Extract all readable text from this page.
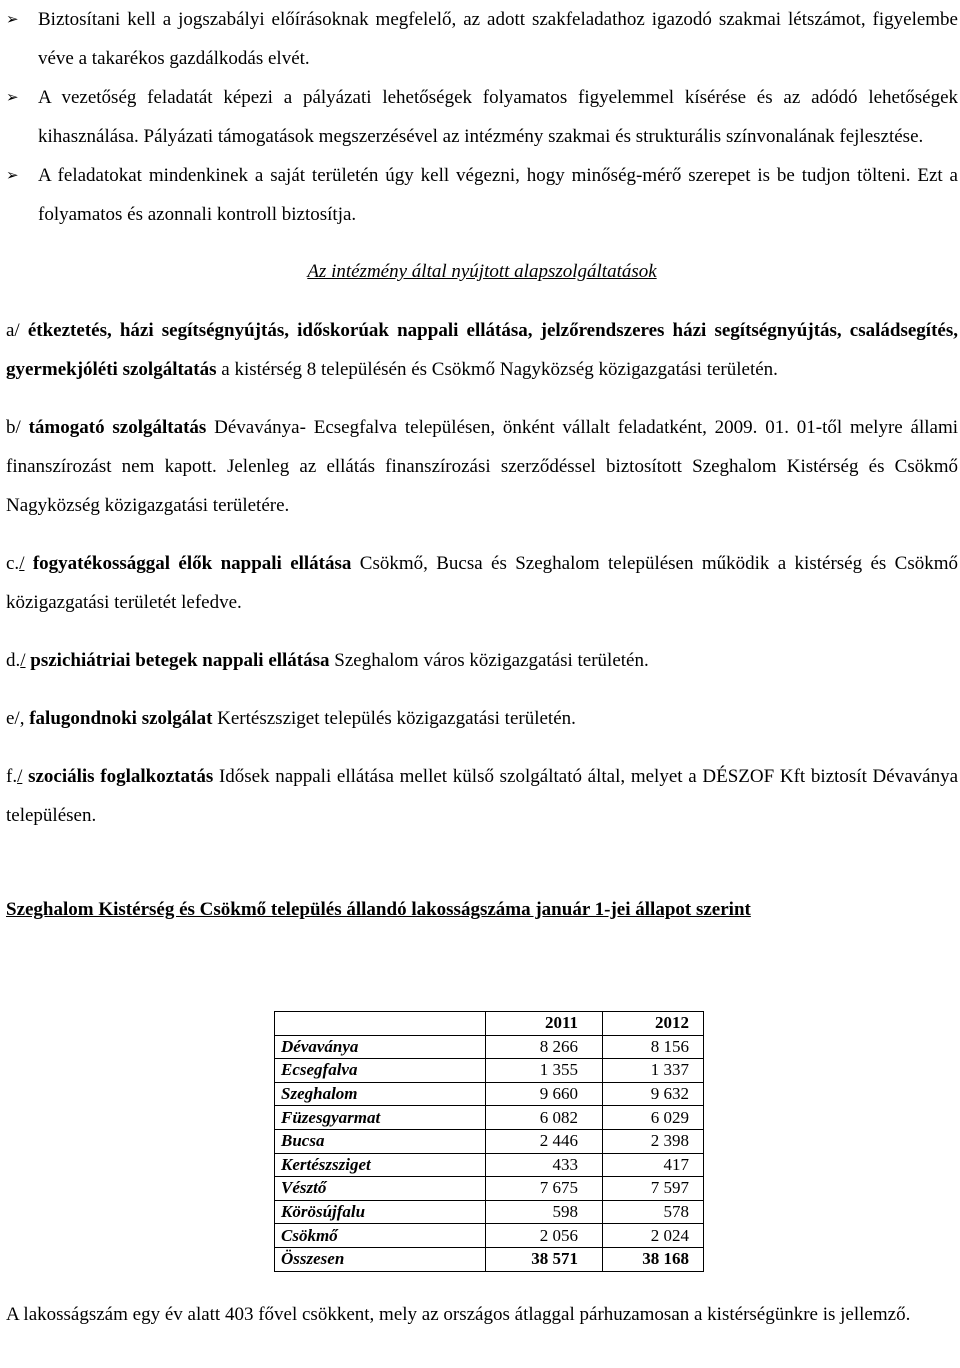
➢	Biztosítani kell a jogszabályi előírásoknak megfelelő, az adott szakfeladathoz igazodó szakmai létszámot, figyelembe véve a takarékos gazdálkodás elvét.
➢	A vezetőség feladatát képezi a pályázati lehetőségek folyamatos figyelemmel kísérése és az adódó lehetőségek kihasználása. Pályázati támogatások megszerzésével az intézmény szakmai és strukturális színvonalának fejlesztése.
➢	A feladatokat mindenkinek a saját területén úgy kell végezni, hogy minőség-mérő szerepet is be tudjon tölteni. Ezt a folyamatos és azonnali kontroll biztosítja.
Az intézmény által nyújtott alapszolgáltatások

a/ étkeztetés, házi segítségnyújtás, időskorúak nappali ellátása, jelzőrendszeres házi segítségnyújtás, családsegítés, gyermekjóléti szolgáltatás a kistérség 8 településén és Csökmő Nagyközség közigazgatási területén.

b/ támogató szolgáltatás Dévaványa- Ecsegfalva településen, önként vállalt feladatként, 2009. 01. 01-től melyre állami finanszírozást nem kapott. Jelenleg az ellátás finanszírozási szerződéssel biztosított Szeghalom Kistérség és Csökmő Nagyközség közigazgatási területére.

c./ fogyatékossággal élők nappali ellátása Csökmő, Bucsa és Szeghalom településen működik a kistérség és Csökmő közigazgatási területét lefedve.

d./ pszichiátriai betegek nappali ellátása Szeghalom város közigazgatási területén.

e/, falugondnoki szolgálat Kertészsziget település közigazgatási területén.

f./ szociális foglalkoztatás Idősek nappali ellátása mellet külső szolgáltató által, melyet a DÉSZOF Kft biztosít Dévaványa településen.

Szeghalom Kistérség és Csökmő település állandó lakosságszáma január 1-jei állapot szerint
	2011	2012
Dévaványa	8 266	8 156
Ecsegfalva	1 355	1 337
Szeghalom	9 660	9 632
Füzesgyarmat	6 082	6 029
Bucsa	2 446	2 398
Kertészsziget	433	417
Vésztő	7 675	7 597
Körösújfalu	598	578
Csökmő	2 056	2 024
Összesen	38 571	38 168
A lakosságszám egy év alatt 403 fővel csökkent, mely az országos átlaggal párhuzamosan a kistérségünkre is jellemző.
